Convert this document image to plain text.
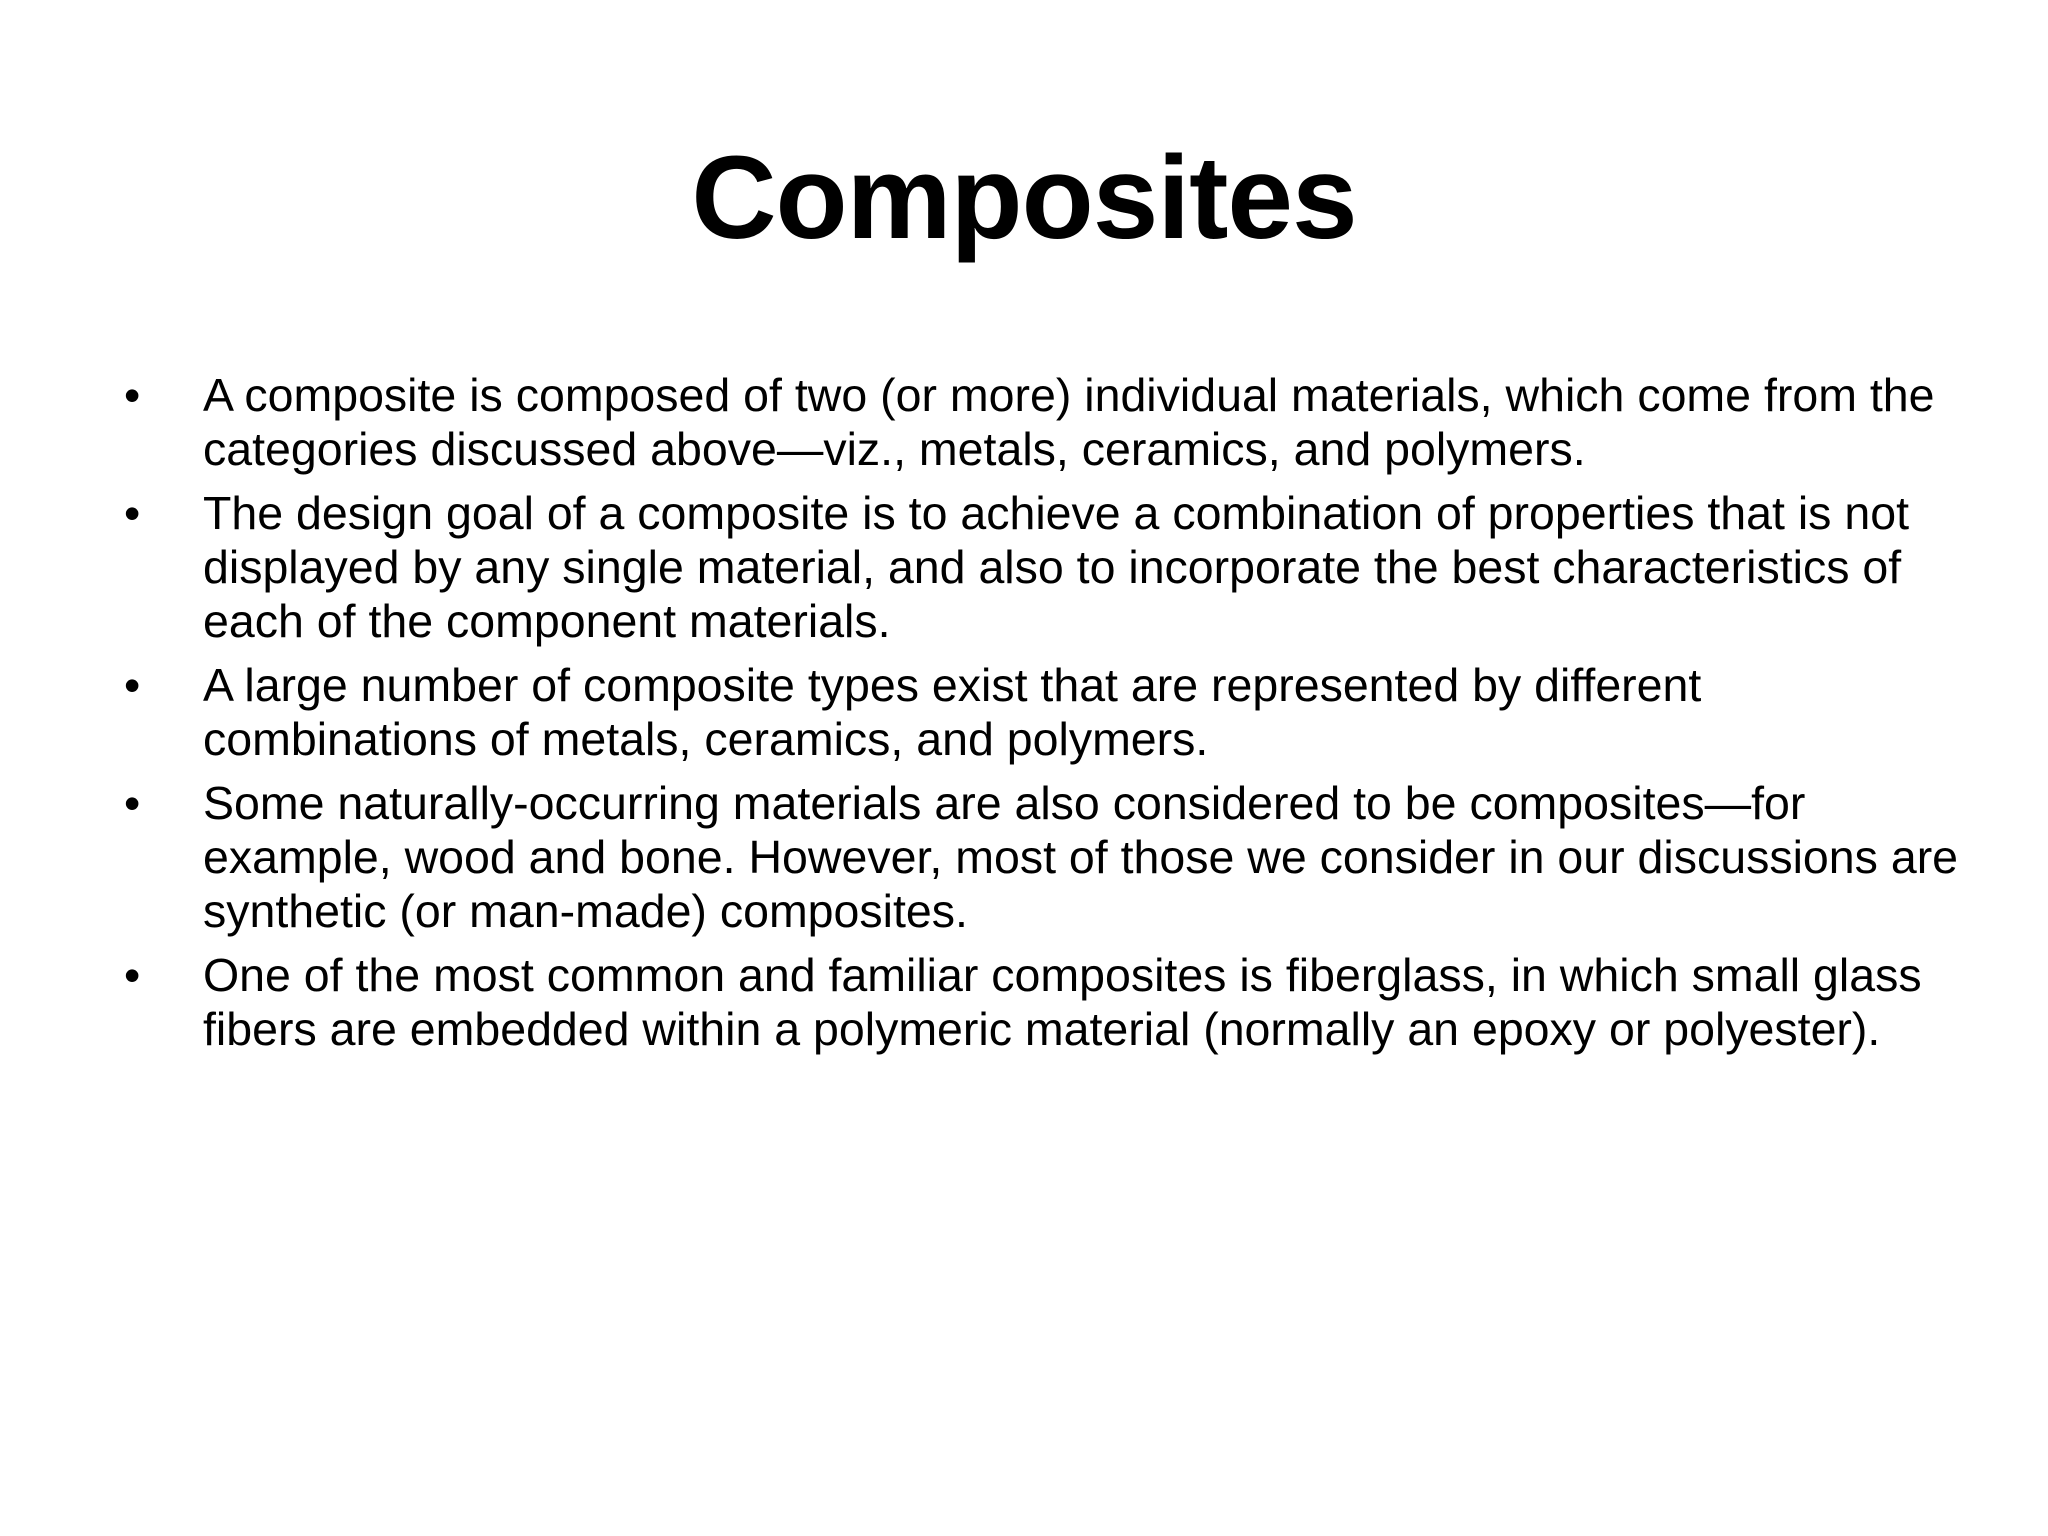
Composites
• A composite is composed of two (or more) individual materials, which come from the categories discussed above—viz., metals, ceramics, and polymers.
• The design goal of a composite is to achieve a combination of properties that is not displayed by any single material, and also to incorporate the best characteristics of each of the component materials.
• A large number of composite types exist that are represented by different combinations of metals, ceramics, and polymers.
• Some naturally-occurring materials are also considered to be composites—for example, wood and bone. However, most of those we consider in our discussions are synthetic (or man-made) composites.
• One of the most common and familiar composites is fiberglass, in which small glass fibers are embedded within a polymeric material (normally an epoxy or polyester).
